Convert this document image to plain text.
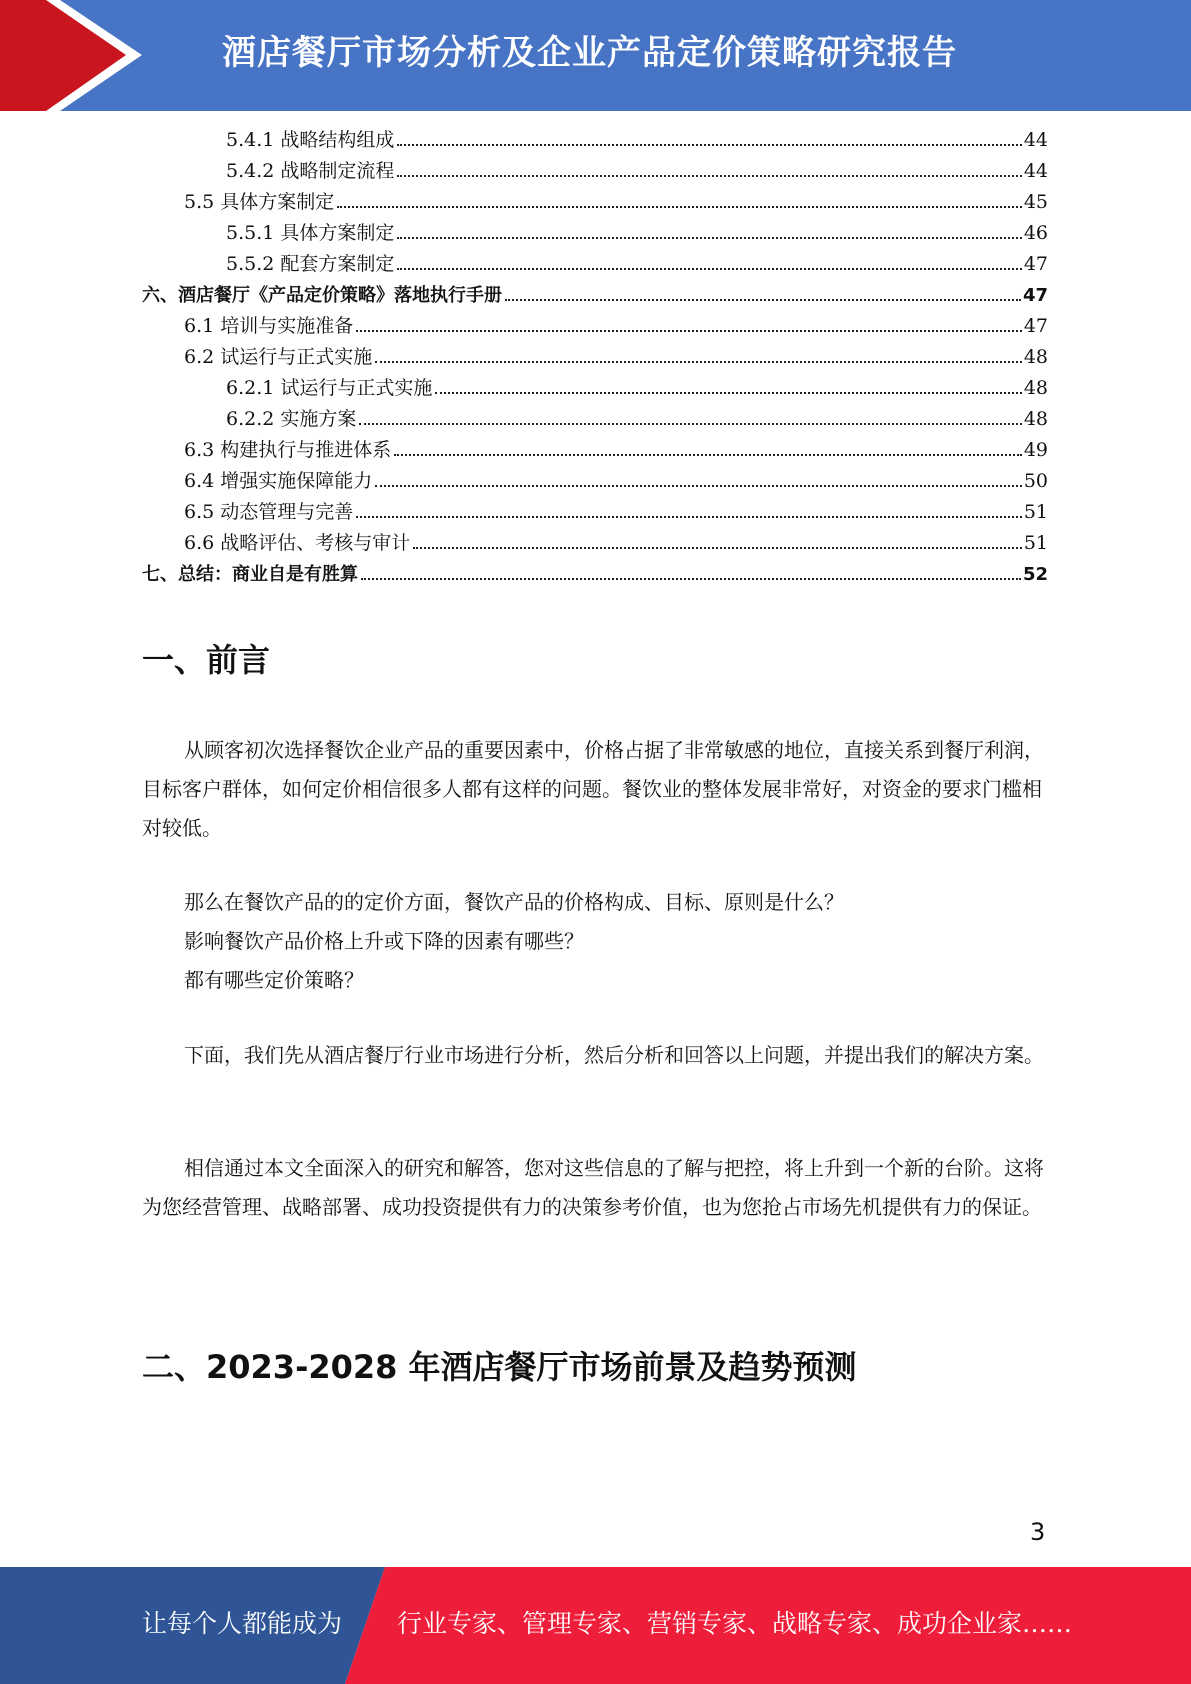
酒店餐厅市场分析及企业产品定价策略研究报告
5.4.1 战略结构组成	44
5.4.2 战略制定流程	44
5.5 具体方案制定	45
5.5.1 具体方案制定	46
5.5.2 配套方案制定	47
六、酒店餐厅《产品定价策略》落地执行手册	47
6.1 培训与实施准备	47
6.2 试运行与正式实施	48
6.2.1 试运行与正式实施	48
6.2.2 实施方案	48
6.3 构建执行与推进体系	49
6.4 增强实施保障能力	50
6.5 动态管理与完善	51
6.6 战略评估、考核与审计	51
七、总结：商业自是有胜算	52
一、前言

从顾客初次选择餐饮企业产品的重要因素中，价格占据了非常敏感的地位，直接关系到餐厅利润，目标客户群体，如何定价相信很多人都有这样的问题。餐饮业的整体发展非常好，对资金的要求门槛相对较低。

那么在餐饮产品的的定价方面，餐饮产品的价格构成、目标、原则是什么？

影响餐饮产品价格上升或下降的因素有哪些？

都有哪些定价策略？

下面，我们先从酒店餐厅行业市场进行分析，然后分析和回答以上问题，并提出我们的解决方案。

相信通过本文全面深入的研究和解答，您对这些信息的了解与把控，将上升到一个新的台阶。这将为您经营管理、战略部署、成功投资提供有力的决策参考价值，也为您抢占市场先机提供有力的保证。

二、2023-2028 年酒店餐厅市场前景及趋势预测
3
让每个人都能成为 行业专家、管理专家、营销专家、战略专家、成功企业家……
